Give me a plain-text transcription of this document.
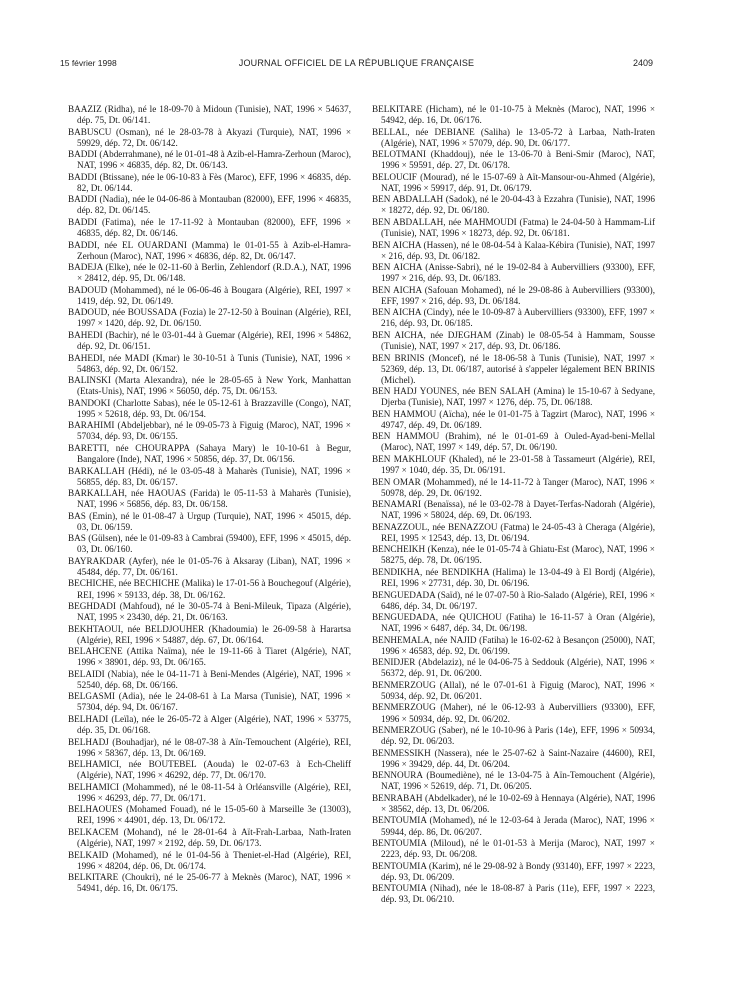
15 février 1998	JOURNAL OFFICIEL DE LA RÉPUBLIQUE FRANÇAISE	2409
BAAZIZ (Ridha), né le 18-09-70 à Midoun (Tunisie), NAT, 1996 × 54637, dép. 75, Dt. 06/141.
BABUSCU (Osman), né le 28-03-78 à Akyazi (Turquie), NAT, 1996 × 59929, dép. 72, Dt. 06/142.
BADDI (Abderrahmane), né le 01-01-48 à Azib-el-Hamra-Zerhoun (Maroc), NAT, 1996 × 46835, dép. 82, Dt. 06/143.
BADDI (Btissane), née le 06-10-83 à Fès (Maroc), EFF, 1996 × 46835, dép. 82, Dt. 06/144.
BADDI (Nadia), née le 04-06-86 à Montauban (82000), EFF, 1996 × 46835, dép. 82, Dt. 06/145.
BADDI (Fatima), née le 17-11-92 à Montauban (82000), EFF, 1996 × 46835, dép. 82, Dt. 06/146.
BADDI, née EL OUARDANI (Mamma) le 01-01-55 à Azib-el-Hamra-Zerhoun (Maroc), NAT, 1996 × 46836, dép. 82, Dt. 06/147.
BADEJA (Elke), née le 02-11-60 à Berlin, Zehlendorf (R.D.A.), NAT, 1996 × 28412, dép. 95, Dt. 06/148.
BADOUD (Mohammed), né le 06-06-46 à Bougara (Algérie), REI, 1997 × 1419, dép. 92, Dt. 06/149.
BADOUD, née BOUSSADA (Fozia) le 27-12-50 à Bouinan (Algérie), REI, 1997 × 1420, dép. 92, Dt. 06/150.
BAHEDI (Bachir), né le 03-01-44 à Guemar (Algérie), REI, 1996 × 54862, dép. 92, Dt. 06/151.
BAHEDI, née MADI (Kmar) le 30-10-51 à Tunis (Tunisie), NAT, 1996 × 54863, dép. 92, Dt. 06/152.
BALINSKI (Marta Alexandra), née le 28-05-65 à New York, Manhattan (Etats-Unis), NAT, 1996 × 56050, dép. 75, Dt. 06/153.
BANDOKI (Charlotte Sabas), née le 05-12-61 à Brazzaville (Congo), NAT, 1995 × 52618, dép. 93, Dt. 06/154.
BARAHIMI (Abdeljebbar), né le 09-05-73 à Figuig (Maroc), NAT, 1996 × 57034, dép. 93, Dt. 06/155.
BARETTI, née CHOURAPPA (Sahaya Mary) le 10-10-61 à Begur, Bangalore (Inde), NAT, 1996 × 50856, dép. 37, Dt. 06/156.
BARKALLAH (Hédi), né le 03-05-48 à Maharès (Tunisie), NAT, 1996 × 56855, dép. 83, Dt. 06/157.
BARKALLAH, née HAOUAS (Farida) le 05-11-53 à Maharès (Tunisie), NAT, 1996 × 56856, dép. 83, Dt. 06/158.
BAS (Emin), né le 01-08-47 à Urgup (Turquie), NAT, 1996 × 45015, dép. 03, Dt. 06/159.
BAS (Gülsen), née le 01-09-83 à Cambrai (59400), EFF, 1996 × 45015, dép. 03, Dt. 06/160.
BAYRAKDAR (Ayfer), née le 01-05-76 à Aksaray (Liban), NAT, 1996 × 45484, dép. 77, Dt. 06/161.
BECHICHE, née BECHICHE (Malika) le 17-01-56 à Bouchegouf (Algérie), REI, 1996 × 59133, dép. 38, Dt. 06/162.
BEGHDADI (Mahfoud), né le 30-05-74 à Beni-Mileuk, Tipaza (Algérie), NAT, 1995 × 23430, dép. 21, Dt. 06/163.
BEKHTAOUI, née BELDJOUHER (Khadoumia) le 26-09-58 à Harartsa (Algérie), REI, 1996 × 54887, dép. 67, Dt. 06/164.
BELAHCENE (Attika Naïma), née le 19-11-66 à Tiaret (Algérie), NAT, 1996 × 38901, dép. 93, Dt. 06/165.
BELAIDI (Nabia), née le 04-11-71 à Beni-Mendes (Algérie), NAT, 1996 × 52540, dép. 68, Dt. 06/166.
BELGASMI (Adia), née le 24-08-61 à La Marsa (Tunisie), NAT, 1996 × 57304, dép. 94, Dt. 06/167.
BELHADI (Leïla), née le 26-05-72 à Alger (Algérie), NAT, 1996 × 53775, dép. 35, Dt. 06/168.
BELHADJ (Bouhadjar), né le 08-07-38 à Aïn-Temouchent (Algérie), REI, 1996 × 58367, dép. 13, Dt. 06/169.
BELHAMICI, née BOUTEBEL (Aouda) le 02-07-63 à Ech-Cheliff (Algérie), NAT, 1996 × 46292, dép. 77, Dt. 06/170.
BELHAMICI (Mohammed), né le 08-11-54 à Orléansville (Algérie), REI, 1996 × 46293, dép. 77, Dt. 06/171.
BELHAOUES (Mohamed Fouad), né le 15-05-60 à Marseille 3e (13003), REI, 1996 × 44901, dép. 13, Dt. 06/172.
BELKACEM (Mohand), né le 28-01-64 à Aït-Frah-Larbaa, Nath-Iraten (Algérie), NAT, 1997 × 2192, dép. 59, Dt. 06/173.
BELKAID (Mohamed), né le 01-04-56 à Theniet-el-Had (Algérie), REI, 1996 × 48204, dép. 06, Dt. 06/174.
BELKITARE (Choukri), né le 25-06-77 à Meknès (Maroc), NAT, 1996 × 54941, dép. 16, Dt. 06/175.
BELKITARE (Hicham), né le 01-10-75 à Meknès (Maroc), NAT, 1996 × 54942, dép. 16, Dt. 06/176.
BELLAL, née DEBIANE (Saliha) le 13-05-72 à Larbaa, Nath-Iraten (Algérie), NAT, 1996 × 57079, dép. 90, Dt. 06/177.
BELOTMANI (Khaddouj), née le 13-06-70 à Beni-Smir (Maroc), NAT, 1996 × 59591, dép. 27, Dt. 06/178.
BELOUCIF (Mourad), né le 15-07-69 à Aït-Mansour-ou-Ahmed (Algérie), NAT, 1996 × 59917, dép. 91, Dt. 06/179.
BEN ABDALLAH (Sadok), né le 20-04-43 à Ezzahra (Tunisie), NAT, 1996 × 18272, dép. 92, Dt. 06/180.
BEN ABDALLAH, née MAHMOUDI (Fatma) le 24-04-50 à Hammam-Lif (Tunisie), NAT, 1996 × 18273, dép. 92, Dt. 06/181.
BEN AICHA (Hassen), né le 08-04-54 à Kalaa-Kébira (Tunisie), NAT, 1997 × 216, dép. 93, Dt. 06/182.
BEN AICHA (Anisse-Sabri), né le 19-02-84 à Aubervilliers (93300), EFF, 1997 × 216, dép. 93, Dt. 06/183.
BEN AICHA (Safouan Mohamed), né le 29-08-86 à Aubervilliers (93300), EFF, 1997 × 216, dép. 93, Dt. 06/184.
BEN AICHA (Cindy), née le 10-09-87 à Aubervilliers (93300), EFF, 1997 × 216, dép. 93, Dt. 06/185.
BEN AICHA, née DJEGHAM (Zinab) le 08-05-54 à Hammam, Sousse (Tunisie), NAT, 1997 × 217, dép. 93, Dt. 06/186.
BEN BRINIS (Moncef), né le 18-06-58 à Tunis (Tunisie), NAT, 1997 × 52369, dép. 13, Dt. 06/187, autorisé à s'appeler légalement BEN BRINIS (Michel).
BEN HADJ YOUNES, née BEN SALAH (Amina) le 15-10-67 à Sedyane, Djerba (Tunisie), NAT, 1997 × 1276, dép. 75, Dt. 06/188.
BEN HAMMOU (Aïcha), née le 01-01-75 à Tagzirt (Maroc), NAT, 1996 × 49747, dép. 49, Dt. 06/189.
BEN HAMMOU (Brahim), né le 01-01-69 à Ouled-Ayad-beni-Mellal (Maroc), NAT, 1997 × 149, dép. 57, Dt. 06/190.
BEN MAKHLOUF (Khaled), né le 23-01-58 à Tassameurt (Algérie), REI, 1997 × 1040, dép. 35, Dt. 06/191.
BEN OMAR (Mohammed), né le 14-11-72 à Tanger (Maroc), NAT, 1996 × 50978, dép. 29, Dt. 06/192.
BENAMARI (Benaïssa), né le 03-02-78 à Dayet-Terfas-Nadorah (Algérie), NAT, 1996 × 58024, dép. 69, Dt. 06/193.
BENAZZOUL, née BENAZZOU (Fatma) le 24-05-43 à Cheraga (Algérie), REI, 1995 × 12543, dép. 13, Dt. 06/194.
BENCHEIKH (Kenza), née le 01-05-74 à Ghiatu-Est (Maroc), NAT, 1996 × 58275, dép. 78, Dt. 06/195.
BENDIKHA, née BENDIKHA (Halima) le 13-04-49 à El Bordj (Algérie), REI, 1996 × 27731, dép. 30, Dt. 06/196.
BENGUEDADA (Saïd), né le 07-07-50 à Rio-Salado (Algérie), REI, 1996 × 6486, dép. 34, Dt. 06/197.
BENGUEDADA, née QUICHOU (Fatiha) le 16-11-57 à Oran (Algérie), NAT, 1996 × 6487, dép. 34, Dt. 06/198.
BENHEMALA, née NAJID (Fatiha) le 16-02-62 à Besançon (25000), NAT, 1996 × 46583, dép. 92, Dt. 06/199.
BENIDJER (Abdelaziz), né le 04-06-75 à Seddouk (Algérie), NAT, 1996 × 56372, dép. 91, Dt. 06/200.
BENMERZOUG (Allal), né le 07-01-61 à Figuig (Maroc), NAT, 1996 × 50934, dép. 92, Dt. 06/201.
BENMERZOUG (Maher), né le 06-12-93 à Aubervilliers (93300), EFF, 1996 × 50934, dép. 92, Dt. 06/202.
BENMERZOUG (Saber), né le 10-10-96 à Paris (14e), EFF, 1996 × 50934, dép. 92, Dt. 06/203.
BENMESSIKH (Nassera), née le 25-07-62 à Saint-Nazaire (44600), REI, 1996 × 39429, dép. 44, Dt. 06/204.
BENNOURA (Boumediène), né le 13-04-75 à Aïn-Temouchent (Algérie), NAT, 1996 × 52619, dép. 71, Dt. 06/205.
BENRABAH (Abdelkader), né le 10-02-69 à Hennaya (Algérie), NAT, 1996 × 38562, dép. 13, Dt. 06/206.
BENTOUMIA (Mohamed), né le 12-03-64 à Jerada (Maroc), NAT, 1996 × 59944, dép. 86, Dt. 06/207.
BENTOUMIA (Miloud), né le 01-01-53 à Merija (Maroc), NAT, 1997 × 2223, dép. 93, Dt. 06/208.
BENTOUMIA (Karim), né le 29-08-92 à Bondy (93140), EFF, 1997 × 2223, dép. 93, Dt. 06/209.
BENTOUMIA (Nihad), née le 18-08-87 à Paris (11e), EFF, 1997 × 2223, dép. 93, Dt. 06/210.
